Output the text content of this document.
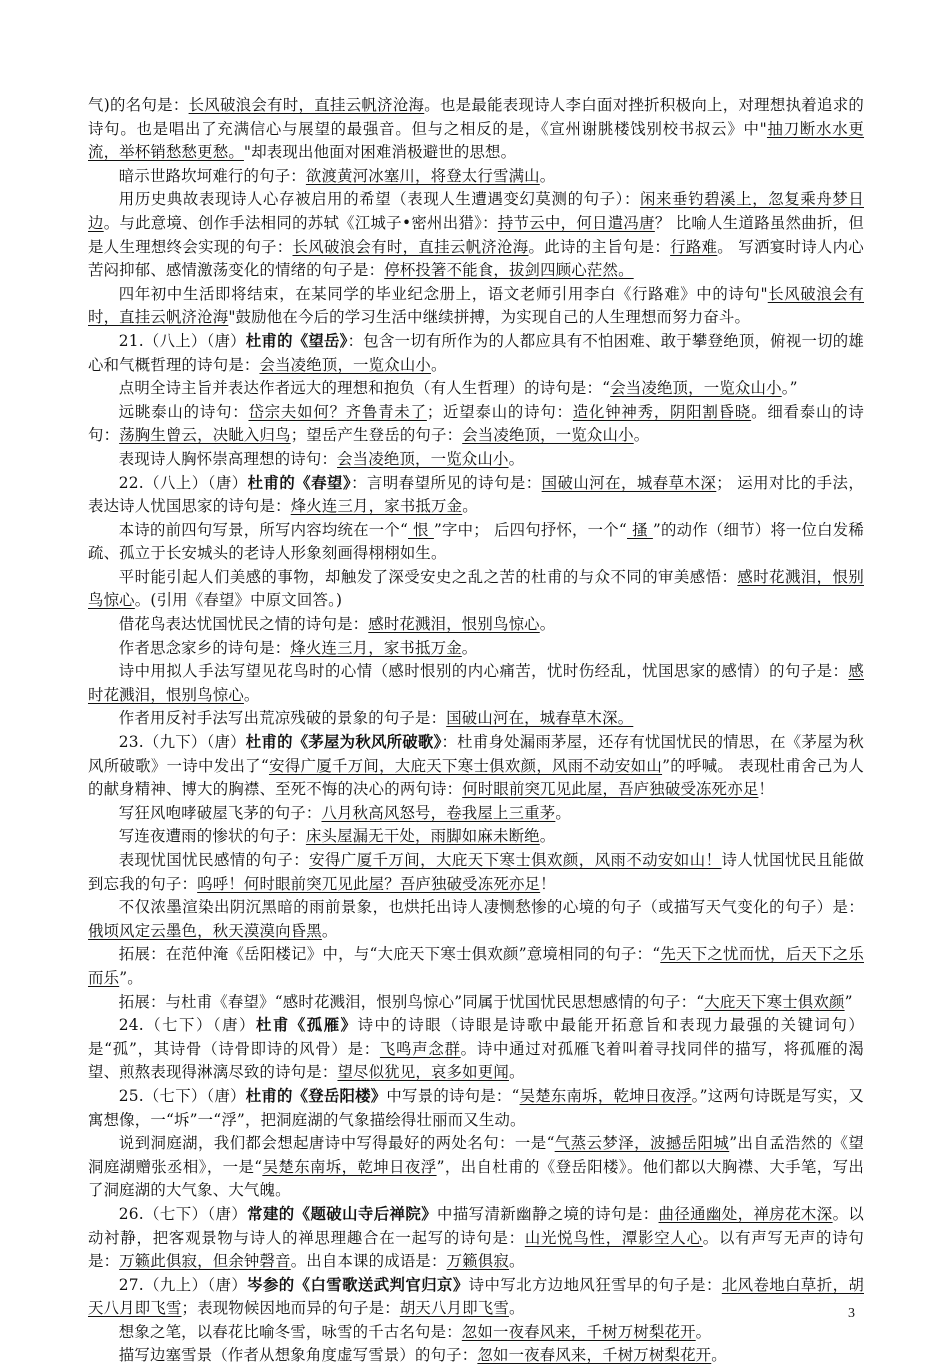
气)的名句是：长风破浪会有时，直挂云帆济沧海。也是最能表现诗人李白面对挫折积极向上，对理想执着追求的诗句。也是唱出了充满信心与展望的最强音。但与之相反的是，《宣州谢朓楼饯别校书叔云》中"抽刀断水水更流，举杯销愁愁更愁。"却表现出他面对困难消极避世的思想。

暗示世路坎坷难行的句子：欲渡黄河冰塞川，将登太行雪满山。

用历史典故表现诗人心存被启用的希望（表现人生遭遇变幻莫测的句子）：闲来垂钓碧溪上，忽复乘舟梦日边。与此意境、创作手法相同的苏轼《江城子•密州出猎》：持节云中，何日遣冯唐？ 比喻人生道路虽然曲折，但是人生理想终会实现的句子：长风破浪会有时，直挂云帆济沧海。此诗的主旨句是：行路难。 写洒宴时诗人内心苦闷抑郁、感情激荡变化的情绪的句子是：停杯投箸不能食，拔剑四顾心茫然。

四年初中生活即将结束，在某同学的毕业纪念册上，语文老师引用李白《行路难》中的诗句"长风破浪会有时，直挂云帆济沧海"鼓励他在今后的学习生活中继续拼搏，为实现自己的人生理想而努力奋斗。

21.（八上）（唐）杜甫的《望岳》：包含一切有所作为的人都应具有不怕困难、敢于攀登绝顶，俯视一切的雄心和气概哲理的诗句是：会当凌绝顶，一览众山小。

点明全诗主旨并表达作者远大的理想和抱负（有人生哲理）的诗句是：“会当凌绝顶，一览众山小。”

远眺泰山的诗句：岱宗夫如何？齐鲁青未了；近望泰山的诗句：造化钟神秀，阴阳割昏晓。细看泰山的诗句：荡胸生曾云，决眦入归鸟；望岳产生登岳的句子：会当凌绝顶，一览众山小。

表现诗人胸怀崇高理想的诗句：会当凌绝顶，一览众山小。

22.（八上）（唐）杜甫的《春望》：言明春望所见的诗句是：国破山河在，城春草木深； 运用对比的手法，表达诗人忧国思家的诗句是：烽火连三月，家书抵万金。

本诗的前四句写景，所写内容均统在一个“ 恨 ”字中； 后四句抒怀，一个“ 搔 ”的动作（细节）将一位白发稀疏、孤立于长安城头的老诗人形象刻画得栩栩如生。

平时能引起人们美感的事物，却触发了深受安史之乱之苦的杜甫的与众不同的审美感悟：感时花溅泪，恨别鸟惊心。(引用《春望》中原文回答。)

借花鸟表达忧国忧民之情的诗句是：感时花溅泪，恨别鸟惊心。

作者思念家乡的诗句是：烽火连三月，家书抵万金。

诗中用拟人手法写望见花鸟时的心情（感时恨别的内心痛苦，忧时伤经乱，忧国思家的感情）的句子是：感时花溅泪，恨别鸟惊心。

作者用反衬手法写出荒凉残破的景象的句子是：国破山河在，城春草木深。

23.（九下）（唐）杜甫的《茅屋为秋风所破歌》：杜甫身处漏雨茅屋，还存有忧国忧民的情思，在《茅屋为秋风所破歌》一诗中发出了“安得广厦千万间，大庇天下寒士俱欢颜，风雨不动安如山”的呼喊。 表现杜甫舍己为人的献身精神、博大的胸襟、至死不悔的决心的两句诗：何时眼前突兀见此屋，吾庐独破受冻死亦足！

写狂风咆哮破屋飞茅的句子：八月秋高风怒号，卷我屋上三重茅。

写连夜遭雨的惨状的句子：床头屋漏无干处，雨脚如麻未断绝。

表现忧国忧民感情的句子：安得广厦千万间，大庇天下寒士俱欢颜，风雨不动安如山！诗人忧国忧民且能做到忘我的句子：呜呼！何时眼前突兀见此屋？吾庐独破受冻死亦足！

不仅浓墨渲染出阴沉黑暗的雨前景象，也烘托出诗人凄恻愁惨的心境的句子（或描写天气变化的句子）是：俄顷风定云墨色，秋天漠漠向昏黑。

拓展：在范仲淹《岳阳楼记》中，与“大庇天下寒士俱欢颜”意境相同的句子：“先天下之忧而忧，后天下之乐而乐”。

拓展：与杜甫《春望》“感时花溅泪，恨别鸟惊心”同属于忧国忧民思想感情的句子：“大庇天下寒士俱欢颜”

24.（七下）（唐）杜甫《孤雁》诗中的诗眼（诗眼是诗歌中最能开拓意旨和表现力最强的关键词句）是“孤”，其诗骨（诗骨即诗的风骨）是：飞鸣声念群。诗中通过对孤雁飞着叫着寻找同伴的描写，将孤雁的渴望、煎熬表现得淋漓尽致的诗句是：望尽似犹见，哀多如更闻。

25.（七下）（唐）杜甫的《登岳阳楼》中写景的诗句是：“吴楚东南坼，乾坤日夜浮。”这两句诗既是写实，又寓想像，一“坼”一“浮”，把洞庭湖的气象描绘得壮丽而又生动。

说到洞庭湖，我们都会想起唐诗中写得最好的两处名句：一是“气蒸云梦泽，波撼岳阳城”出自孟浩然的《望洞庭湖赠张丞相》，一是“吴楚东南坼，乾坤日夜浮”，出自杜甫的《登岳阳楼》。他们都以大胸襟、大手笔，写出了洞庭湖的大气象、大气魄。

26.（七下）（唐）常建的《题破山寺后禅院》中描写清新幽静之境的诗句是：曲径通幽处，禅房花木深。以动衬静，把客观景物与诗人的禅思理趣合在一起写的诗句是：山光悦鸟性，潭影空人心。以有声写无声的诗句是：万籁此俱寂，但余钟磬音。出自本课的成语是：万籁俱寂。

27.（九上）（唐）岑参的《白雪歌送武判官归京》诗中写北方边地风狂雪早的句子是：北风卷地白草折，胡天八月即飞雪；表现物候因地而异的句子是：胡天八月即飞雪。

想象之笔，以春花比喻冬雪，咏雪的千古名句是：忽如一夜春风来，千树万树梨花开。

描写边塞雪景（作者从想象角度虚写雪景）的句子：忽如一夜春风来，千树万树梨花开。

3
